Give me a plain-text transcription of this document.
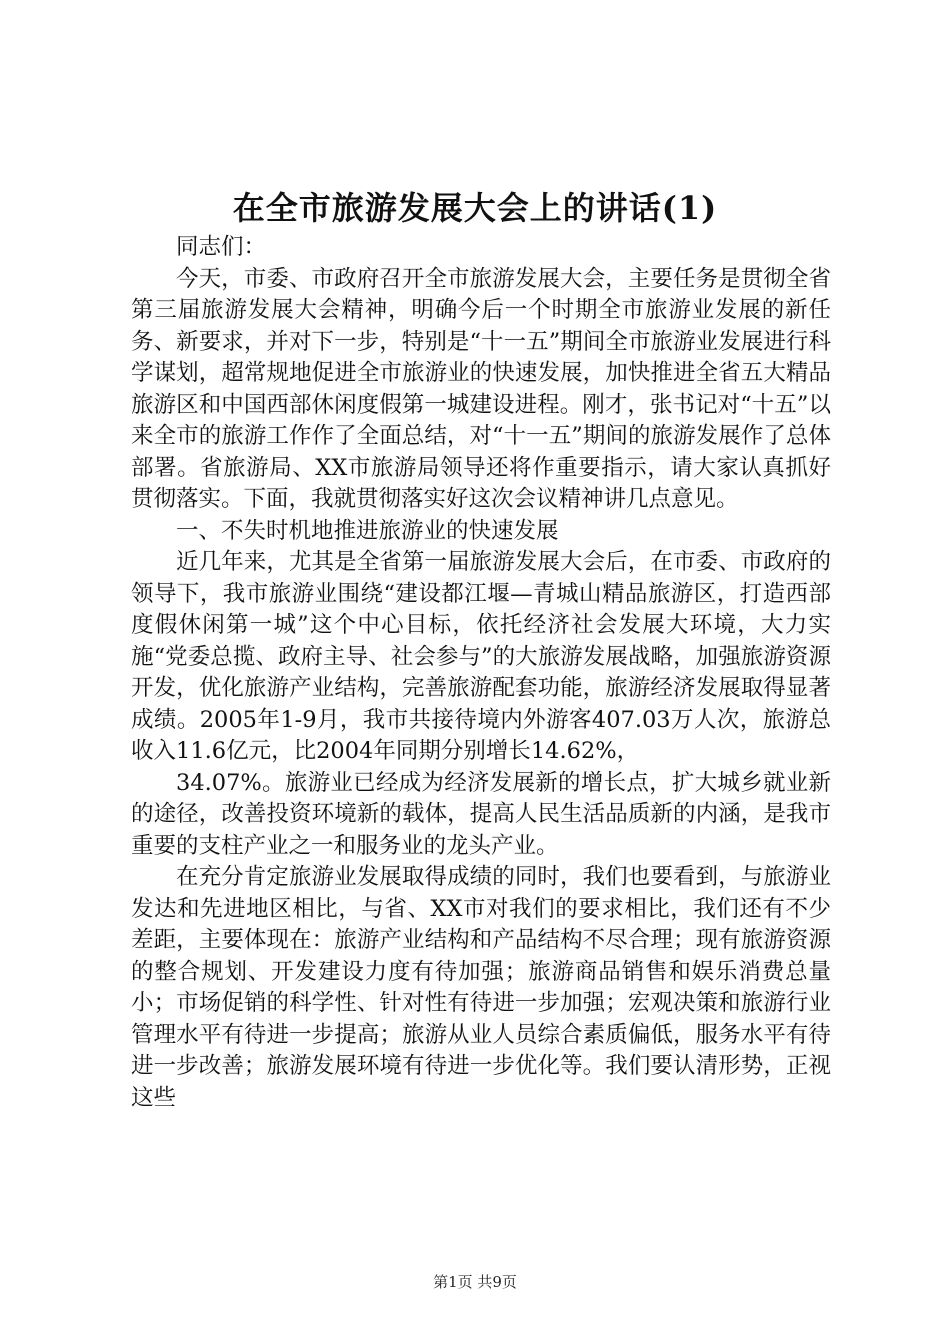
在全市旅游发展大会上的讲话(1)

同志们：

今天，市委、市政府召开全市旅游发展大会，主要任务是贯彻全省第三届旅游发展大会精神，明确今后一个时期全市旅游业发展的新任务、新要求，并对下一步，特别是“十一五”期间全市旅游业发展进行科学谋划，超常规地促进全市旅游业的快速发展，加快推进全省五大精品旅游区和中国西部休闲度假第一城建设进程。刚才，张书记对“十五”以来全市的旅游工作作了全面总结，对“十一五”期间的旅游发展作了总体部署。省旅游局、XX市旅游局领导还将作重要指示，请大家认真抓好贯彻落实。下面，我就贯彻落实好这次会议精神讲几点意见。

一、不失时机地推进旅游业的快速发展

近几年来，尤其是全省第一届旅游发展大会后，在市委、市政府的领导下，我市旅游业围绕“建设都江堰—青城山精品旅游区，打造西部度假休闲第一城”这个中心目标，依托经济社会发展大环境，大力实施“党委总揽、政府主导、社会参与”的大旅游发展战略，加强旅游资源开发，优化旅游产业结构，完善旅游配套功能，旅游经济发展取得显著成绩。2005年1-9月，我市共接待境内外游客407.03万人次，旅游总收入11.6亿元，比2004年同期分别增长14.62%，

34.07%。旅游业已经成为经济发展新的增长点，扩大城乡就业新的途径，改善投资环境新的载体，提高人民生活品质新的内涵，是我市重要的支柱产业之一和服务业的龙头产业。

在充分肯定旅游业发展取得成绩的同时，我们也要看到，与旅游业发达和先进地区相比，与省、XX市对我们的要求相比，我们还有不少差距，主要体现在：旅游产业结构和产品结构不尽合理；现有旅游资源的整合规划、开发建设力度有待加强；旅游商品销售和娱乐消费总量小；市场促销的科学性、针对性有待进一步加强；宏观决策和旅游行业管理水平有待进一步提高；旅游从业人员综合素质偏低，服务水平有待进一步改善；旅游发展环境有待进一步优化等。我们要认清形势，正视这些

第1页 共9页
